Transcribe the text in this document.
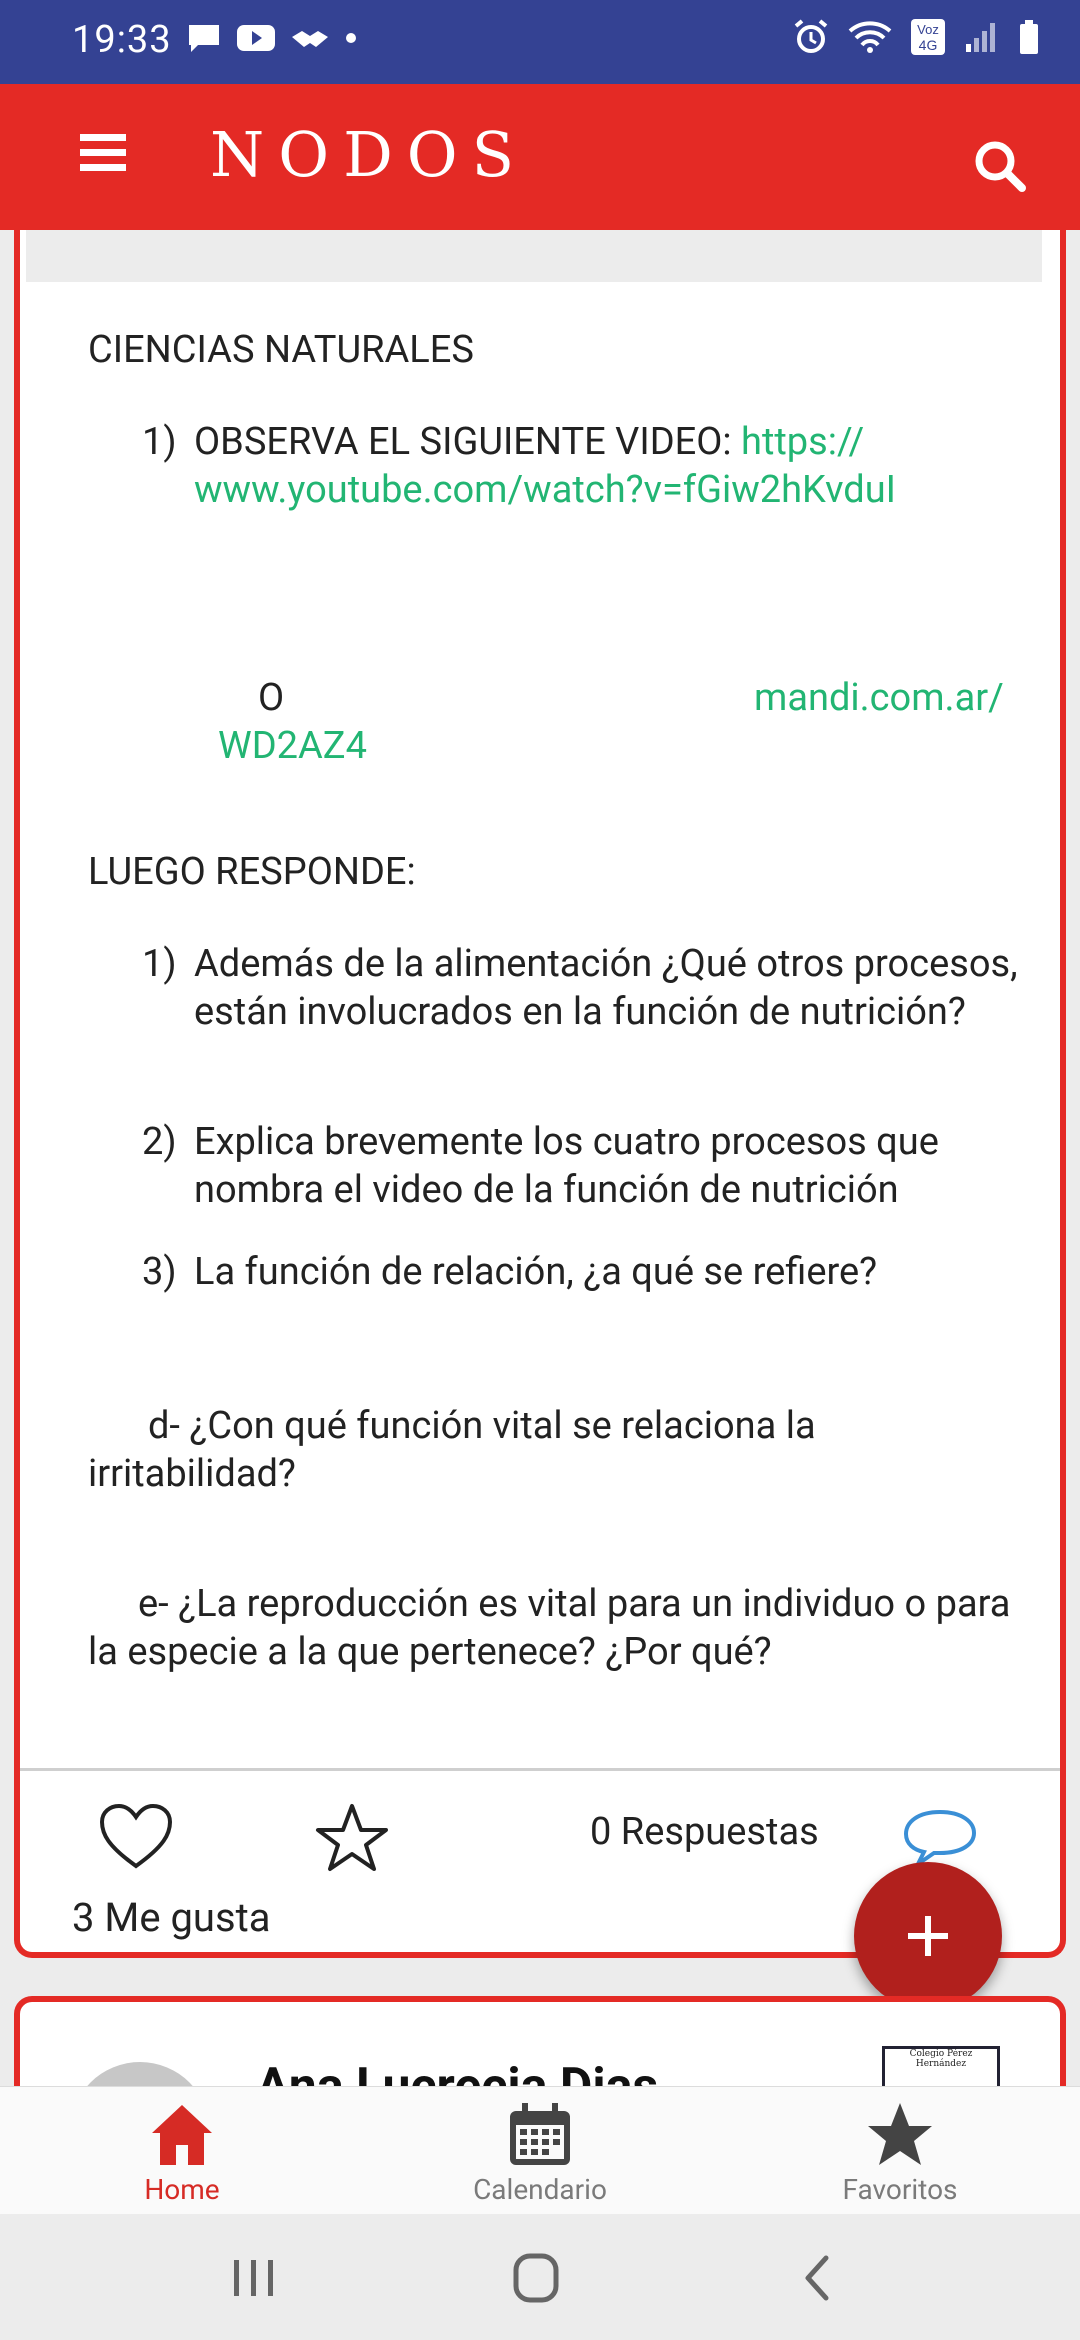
19:33	Voz
4G
NODOS
CIENCIAS NATURALES
1) OBSERVA EL SIGUIENTE VIDEO: https://
www.youtube.com/watch?v=fGiw2hKvduI
O	mandi.com.ar/
WD2AZ4
LUEGO RESPONDE:
1) Además de la alimentación ¿Qué otros procesos, están involucrados en la función de nutrición?
2) Explica brevemente los cuatro procesos que nombra el video de la función de nutrición
3) La función de relación, ¿a qué se refiere?
d- ¿Con qué función vital se relaciona la irritabilidad?
e- ¿La reproducción es vital para un individuo o para la especie a la que pertenece? ¿Por qué?
0 Respuestas
3 Me gusta
Colegio Pérez Hernández
Home	Calendario	Favoritos
